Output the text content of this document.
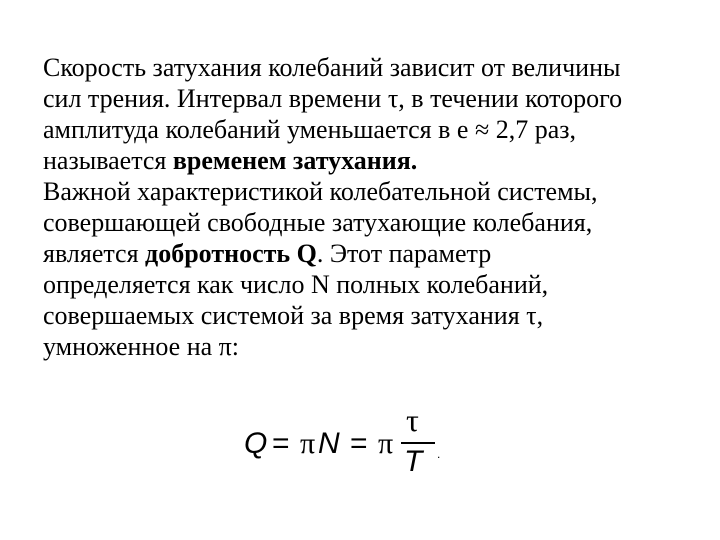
Скорость затухания колебаний зависит от величины
сил трения. Интервал времени τ, в течении которого
амплитуда колебаний уменьшается в е ≈ 2,7 раз,
называется временем затухания.
Важной характеристикой колебательной системы,
совершающей свободные затухающие колебания,
является добротность Q. Этот параметр
определяется как число N полных колебаний,
совершаемых системой за время затухания τ,
умноженное на π:
Q = π N = π
τ
T .
